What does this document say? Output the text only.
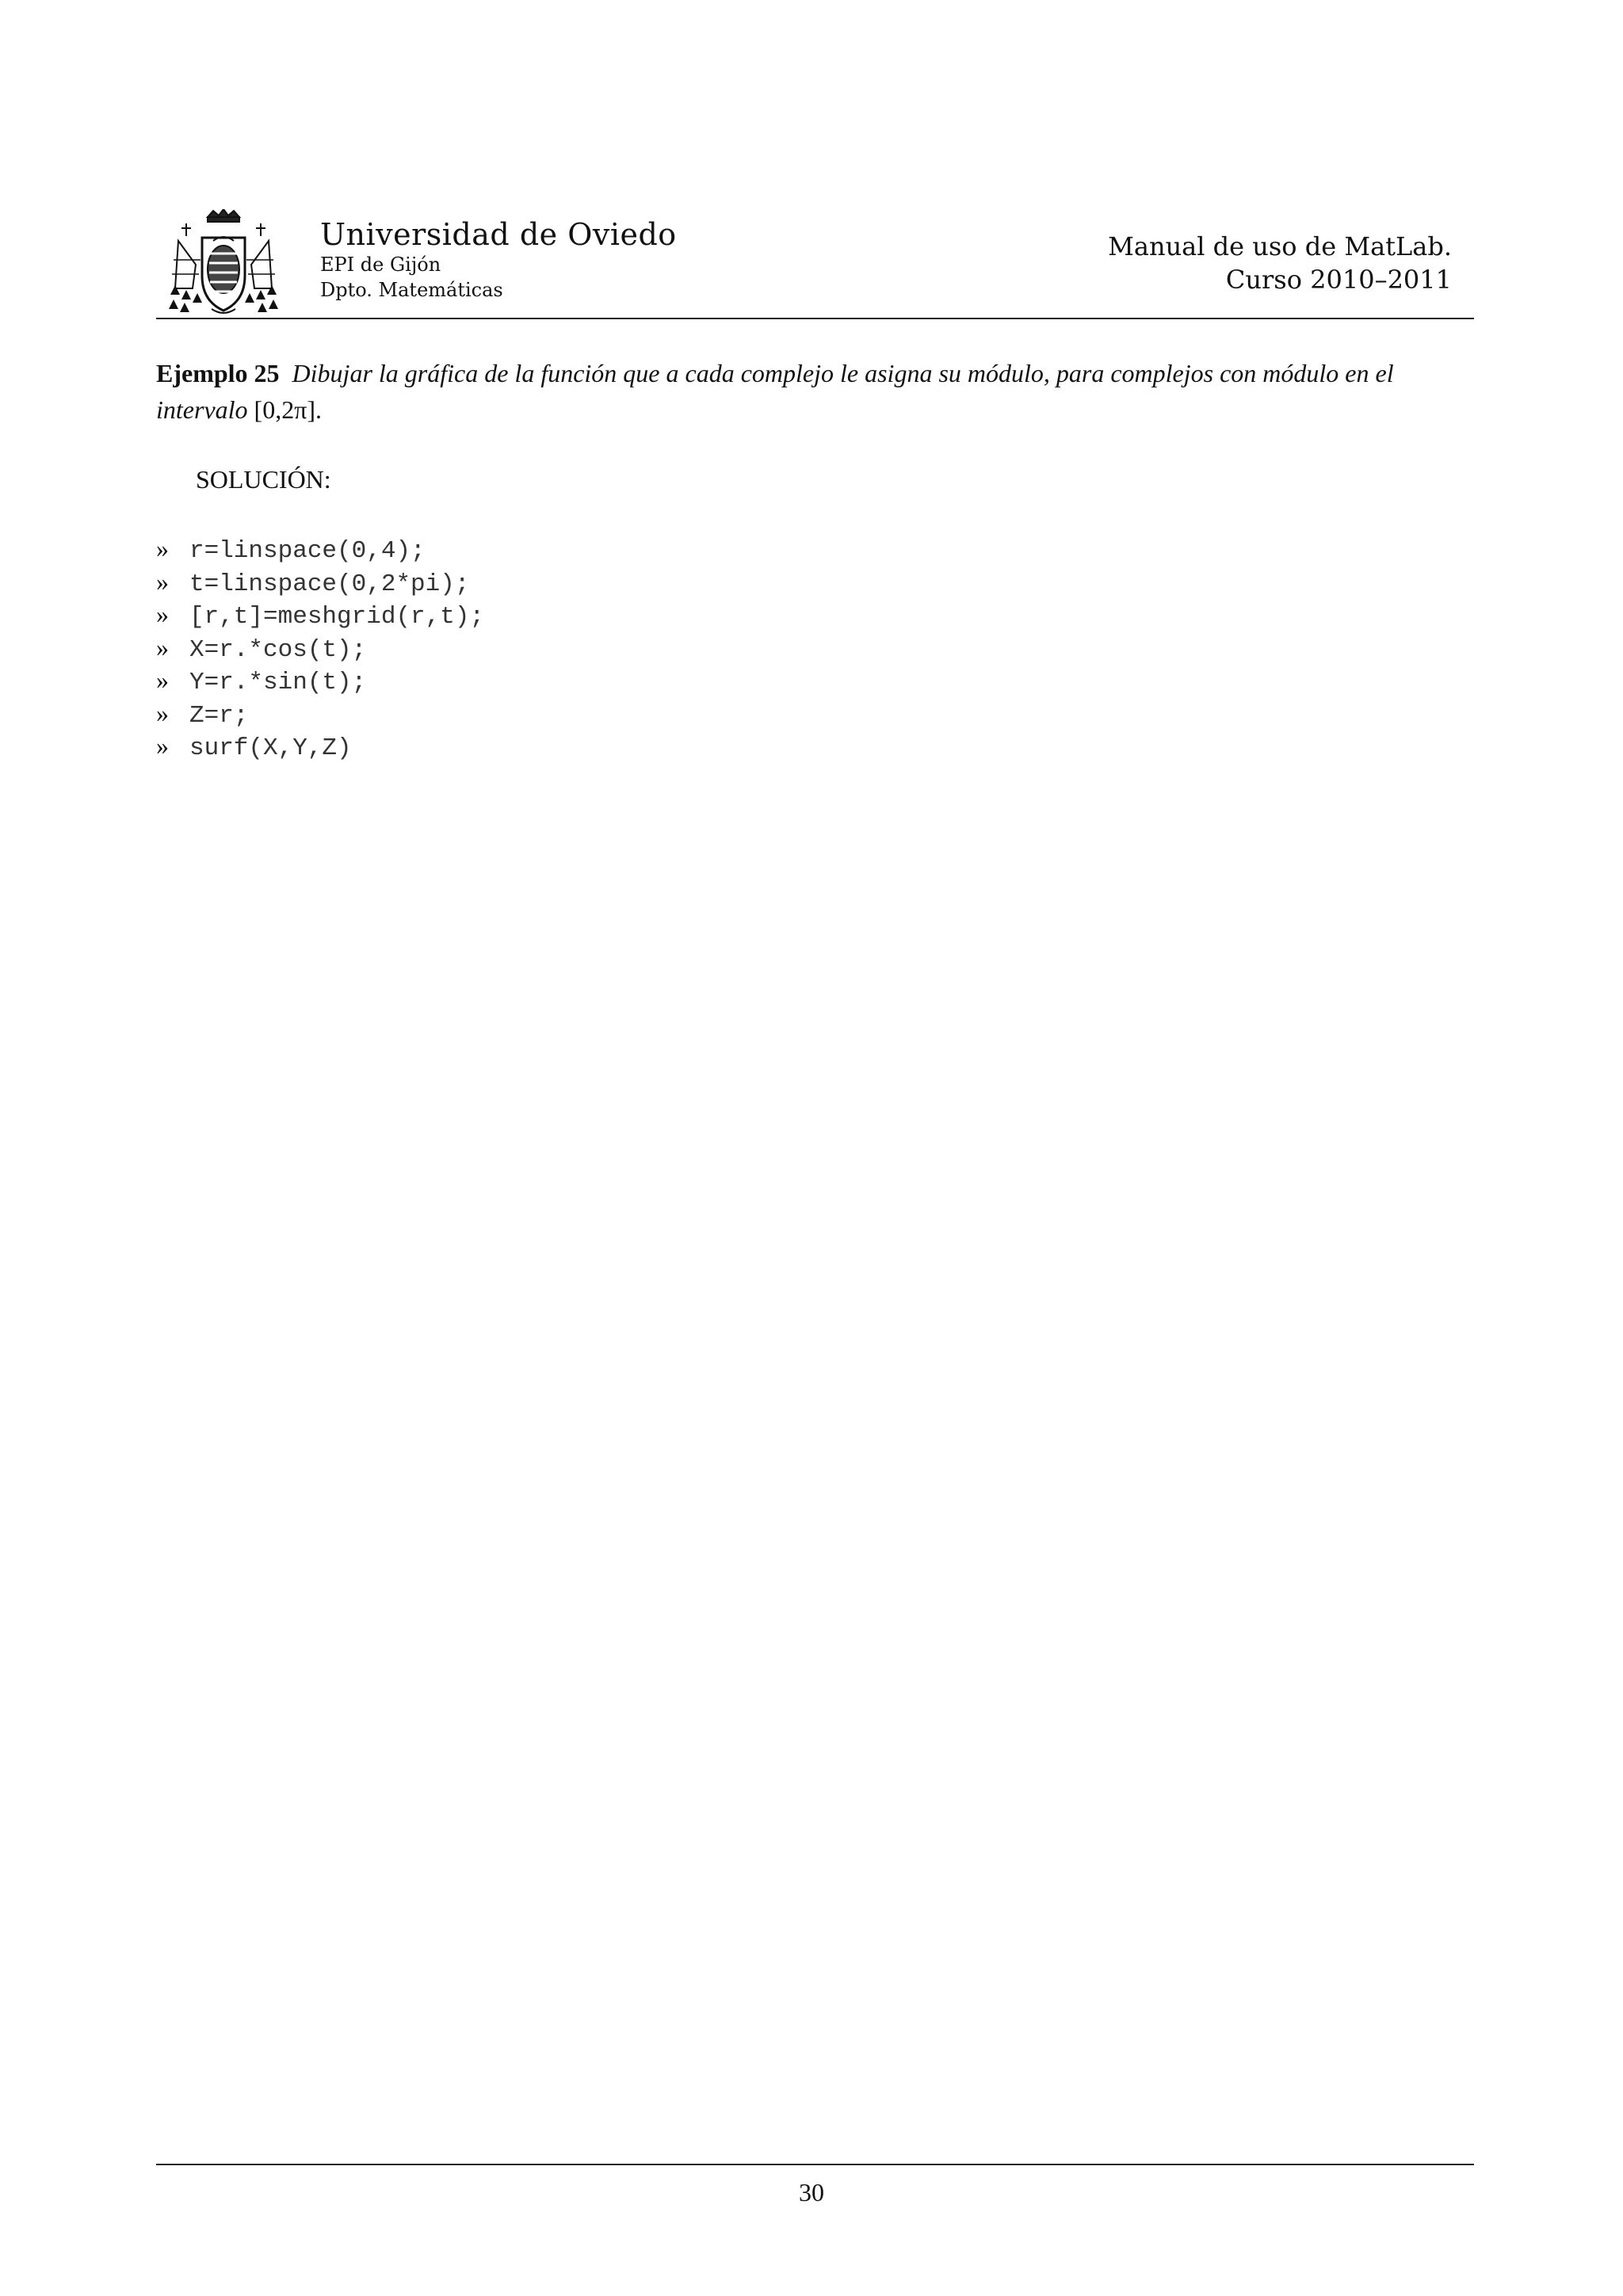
Universidad de Oviedo
EPI de Gijón
Dpto. Matemáticas
Manual de uso de MatLab.
Curso 2010–2011
Ejemplo 25 Dibujar la gráfica de la función que a cada complejo le asigna su módulo, para complejos con módulo en el intervalo [0,2π].
SOLUCIÓN:
» r=linspace(0,4);
» t=linspace(0,2*pi);
» [r,t]=meshgrid(r,t);
» X=r.*cos(t);
» Y=r.*sin(t);
» Z=r;
» surf(X,Y,Z)
30
